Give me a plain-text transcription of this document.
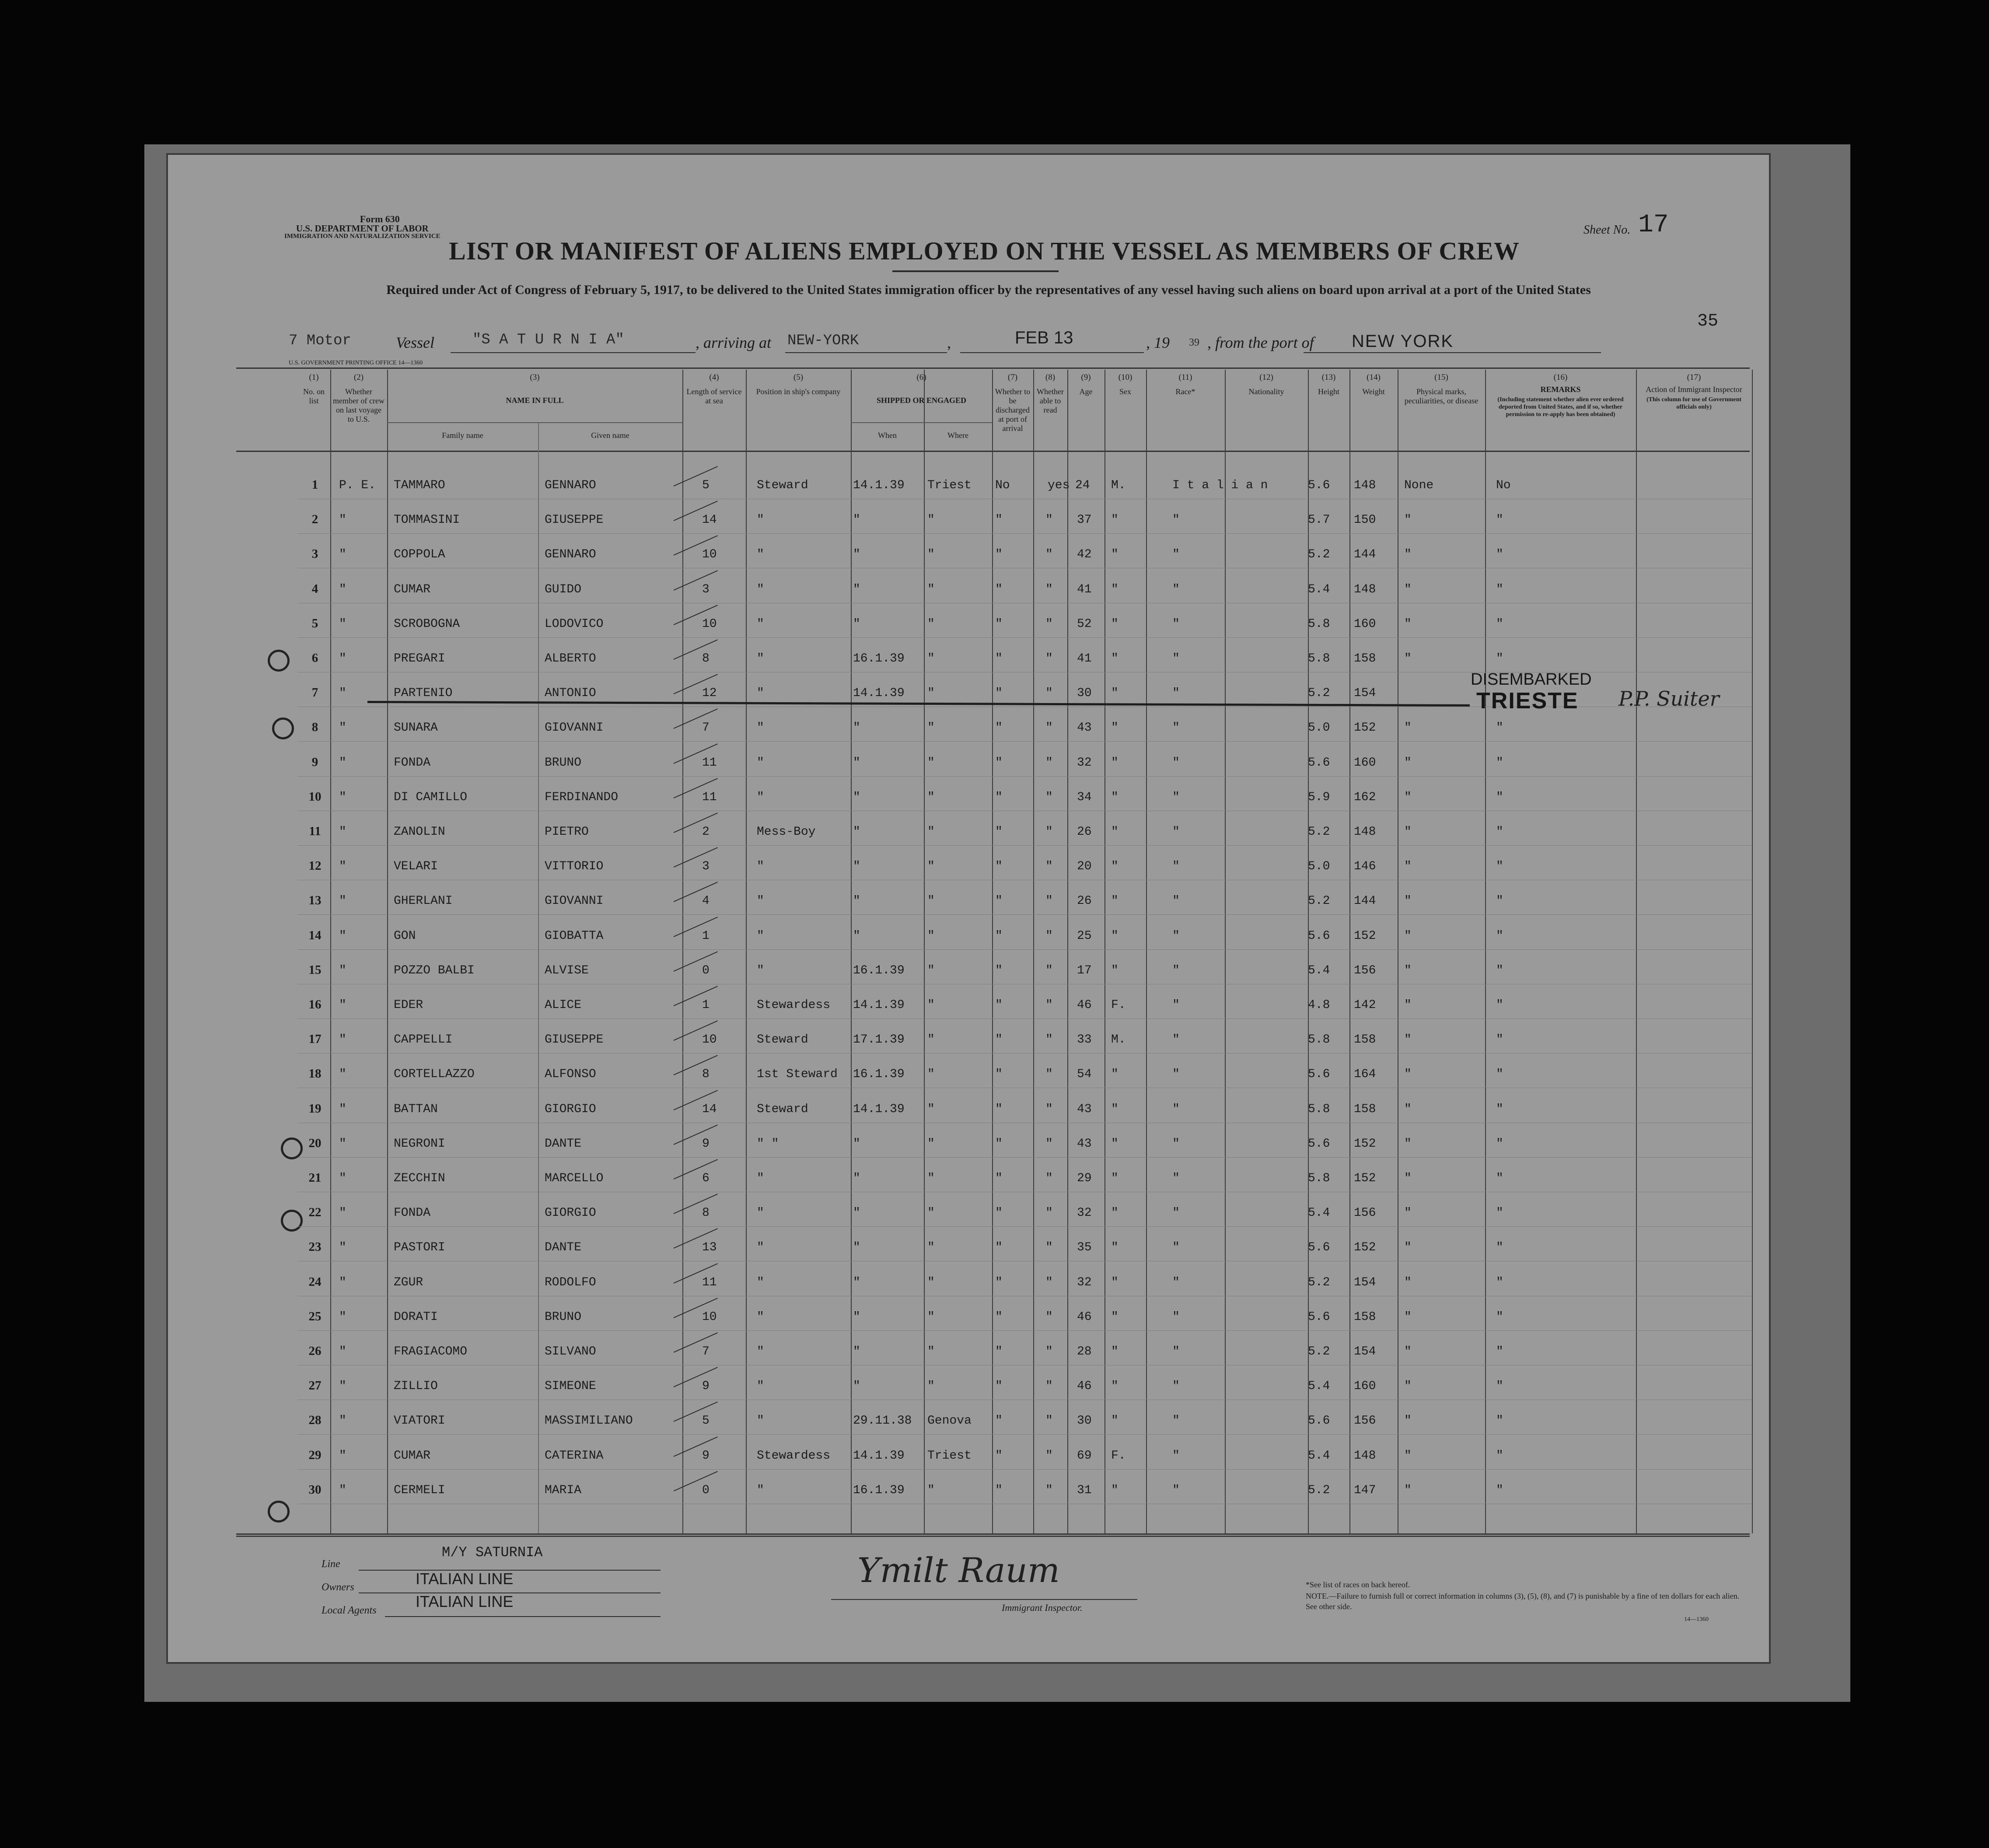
Form 630
U.S. DEPARTMENT OF LABOR
IMMIGRATION AND NATURALIZATION SERVICE	Sheet No. 17
LIST OR MANIFEST OF ALIENS EMPLOYED ON THE VESSEL AS MEMBERS OF CREW
Required under Act of Congress of February 5, 1917, to be delivered to the United States immigration officer by the representatives of any vessel having such aliens on board upon arrival at a port of the United States
35
7 Motor	Vessel	"S A T U R N I A"	, arriving at NEW-YORK	,	FEB 13	, 19 39 , from the port of NEW YORK
U.S. GOVERNMENT PRINTING OFFICE 14—1360
(1)
No. on list
(2)
Whether member of crew on last voyage to U.S.
(3)
NAME IN FULL
Family name	Given name
(4)
Length of service at sea
(5)
Position in ship's company
(6)
SHIPPED OR ENGAGED
When	Where
(7)
Whether to be discharged at port of arrival
(8)
Whether able to read
(9)
Age
(10)
Sex
(11)
Race*
(12)
Nationality
(13)
Height
(14)
Weight
(15)
Physical marks, peculiarities, or disease
(16)
REMARKS
(Including statement whether alien ever ordered deported from United States, and if so, whether permission to re-apply has been obtained)
(17)
Action of Immigrant Inspector
(This column for use of Government officials only)
1	P. E. TAMMARO	GENNARO	5	Steward	14.1.39 Triest No	yes 24 M.	I t a l i a n	5.6 148 None	No
2	"	TOMMASINI	GIUSEPPE	14	"	"	"	"	" 37 "	"	5.7 150 "	"
3	"	COPPOLA	GENNARO	10	"	"	"	"	" 42 "	"	5.2 144 "	"
4	"	CUMAR	GUIDO	3	"	"	"	"	" 41 "	"	5.4 148 "	"
5	"	SCROBOGNA	LODOVICO	10	"	"	"	"	" 52 "	"	5.8 160 "	"
6	"	PREGARI	ALBERTO	8	"	16.1.39 "	"	" 41 "	"	5.8 158 "	"
7	"	PARTENIO	ANTONIO	12	"	14.1.39 "	"	" 30 "	"	5.2 154
8	"	SUNARA	GIOVANNI	7	"	"	"	"	" 43 "	"	5.0 152 "	"
9	"	FONDA	BRUNO	11	"	"	"	"	" 32 "	"	5.6 160 "	"
10	"	DI CAMILLO	FERDINANDO	11	"	"	"	"	" 34 "	"	5.9 162 "	"
11	"	ZANOLIN	PIETRO	2	Mess-Boy	"	"	"	" 26 "	"	5.2 148 "	"
12	"	VELARI	VITTORIO	3	"	"	"	"	" 20 "	"	5.0 146 "	"
13	"	GHERLANI	GIOVANNI	4	"	"	"	"	" 26 "	"	5.2 144 "	"
14	"	GON	GIOBATTA	1	"	"	"	"	" 25 "	"	5.6 152 "	"
15	"	POZZO BALBI	ALVISE	0	"	16.1.39 "	"	" 17 "	"	5.4 156 "	"
16	"	EDER	ALICE	1	Stewardess 14.1.39 "	"	" 46 F.	"	4.8 142 "	"
17	"	CAPPELLI	GIUSEPPE	10	Steward	17.1.39 "	"	" 33 M.	"	5.8 158 "	"
18	"	CORTELLAZZO	ALFONSO	8	1st Steward 16.1.39 "	"	" 54 "	"	5.6 164 "	"
19	"	BATTAN	GIORGIO	14	Steward	14.1.39 "	"	" 43 "	"	5.8 158 "	"
20	"	NEGRONI	DANTE	9	" "	"	"	"	" 43 "	"	5.6 152 "	"
21	"	ZECCHIN	MARCELLO	6	"	"	"	"	" 29 "	"	5.8 152 "	"
22	"	FONDA	GIORGIO	8	"	"	"	"	" 32 "	"	5.4 156 "	"
23	"	PASTORI	DANTE	13	"	"	"	"	" 35 "	"	5.6 152 "	"
24	"	ZGUR	RODOLFO	11	"	"	"	"	" 32 "	"	5.2 154 "	"
25	"	DORATI	BRUNO	10	"	"	"	"	" 46 "	"	5.6 158 "	"
26	"	FRAGIACOMO	SILVANO	7	"	"	"	"	" 28 "	"	5.2 154 "	"
27	"	ZILLIO	SIMEONE	9	"	"	"	"	" 46 "	"	5.4 160 "	"
28	"	VIATORI	MASSIMILIANO	5	"	29.11.38 Genova "	" 30 "	"	5.6 156 "	"
29	"	CUMAR	CATERINA	9	Stewardess 14.1.39 Triest "	" 69 F.	"	5.4 148 "	"
30	"	CERMELI	MARIA	0	"	16.1.39 "	"	" 31 "	"	5.2 147 "	"
DISEMBARKED
TRIESTE P.P. Suiter
Line
M/Y SATURNIA
Owners	ITALIAN LINE
Local Agents ITALIAN LINE
Ymilt Raum
Immigrant Inspector.
*See list of races on back hereof.
NOTE.—Failure to furnish full or correct information in columns (3), (5), (8), and (7) is punishable by a fine of ten dollars for each alien. See other side.
14—1360
